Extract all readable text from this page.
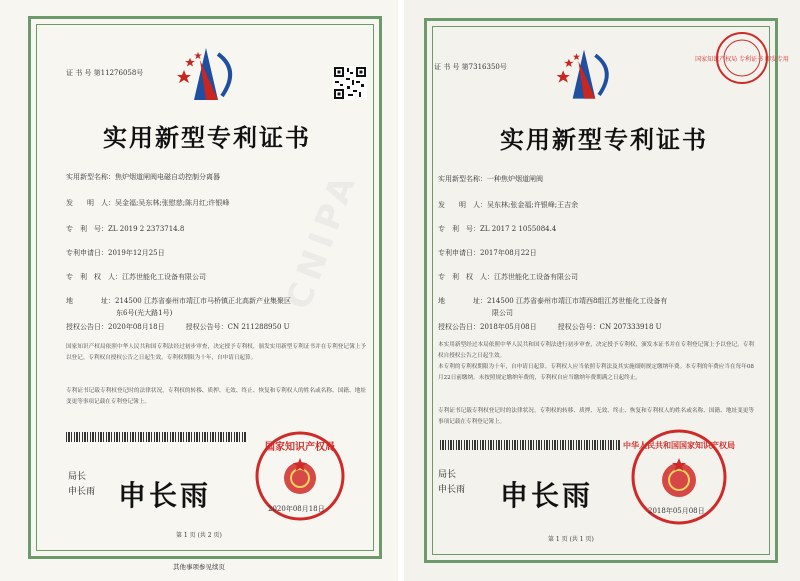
CNIPA
证 书 号 第11276058号
实用新型专利证书
实用新型名称：焦炉烟道闸阀电磁自动控制分离器
发　　明　人：吴金福;吴东林;张慰慈;陈月红;许银峰
专　利　号：ZL 2019 2 2373714.8
专利申请日：2019年12月25日
专　利　权　人：江苏世能化工设备有限公司
地　　　　址：214500 江苏省泰州市靖江市马桥镇正北高新产业集聚区
东6号(光大路1号)
授权公告日：2020年08月18日　　　授权公告号：CN 211288950 U
国家知识产权局依照中华人民共和国专利法经过初步审查，决定授予专利权，颁发实用新型专利证书并在专利登记簿上予以登记。专利权自授权公告之日起生效。专利权期限为十年，自申请日起算。
专利证书记载专利权登记时的法律状况。专利权的转移、质押、无效、终止、恢复和专利权人的姓名或名称、国籍、地址变更等事项记载在专利登记簿上。
局长
申长雨 申长雨
国家知识产权局
2020年08月18日
第 1 页 (共 2 页)
其他事项参见续页
证 书 号 第7316350号
国家知识产权局 专利证书 印发专用
实用新型专利证书
实用新型名称：一种焦炉烟道闸阀
发　　明　人：吴东林;张金福;许银峰;王吉余
专　利　号：ZL 2017 2 1055084.4
专利申请日：2017年08月22日
专　利　权　人：江苏世能化工设备有限公司
地　　　　址：214500 江苏省泰州市靖江市靖西8组江苏世能化工设备有
限公司
授权公告日：2018年05月08日　　　授权公告号：CN 207333918 U
本实用新型经过本局依照中华人民共和国专利法进行初步审查，决定授予专利权，颁发本证书并在专利登记簿上予以登记。专利权自授权公告之日起生效。
本专利的专利权期限为十年，自申请日起算。专利权人应当依照专利法及其实施细则规定缴纳年费。本专利的年费应当在每年08月22日前缴纳。未按照规定缴纳年费的，专利权自应当缴纳年费期满之日起终止。
专利证书记载专利权登记时的法律状况。专利权的转移、质押、无效、终止、恢复和专利权人的姓名或名称、国籍、地址变更等事项记载在专利登记簿上。
局长
申长雨 申长雨
中华人民共和国国家知识产权局
2018年05月08日
第 1 页 (共 1 页)
